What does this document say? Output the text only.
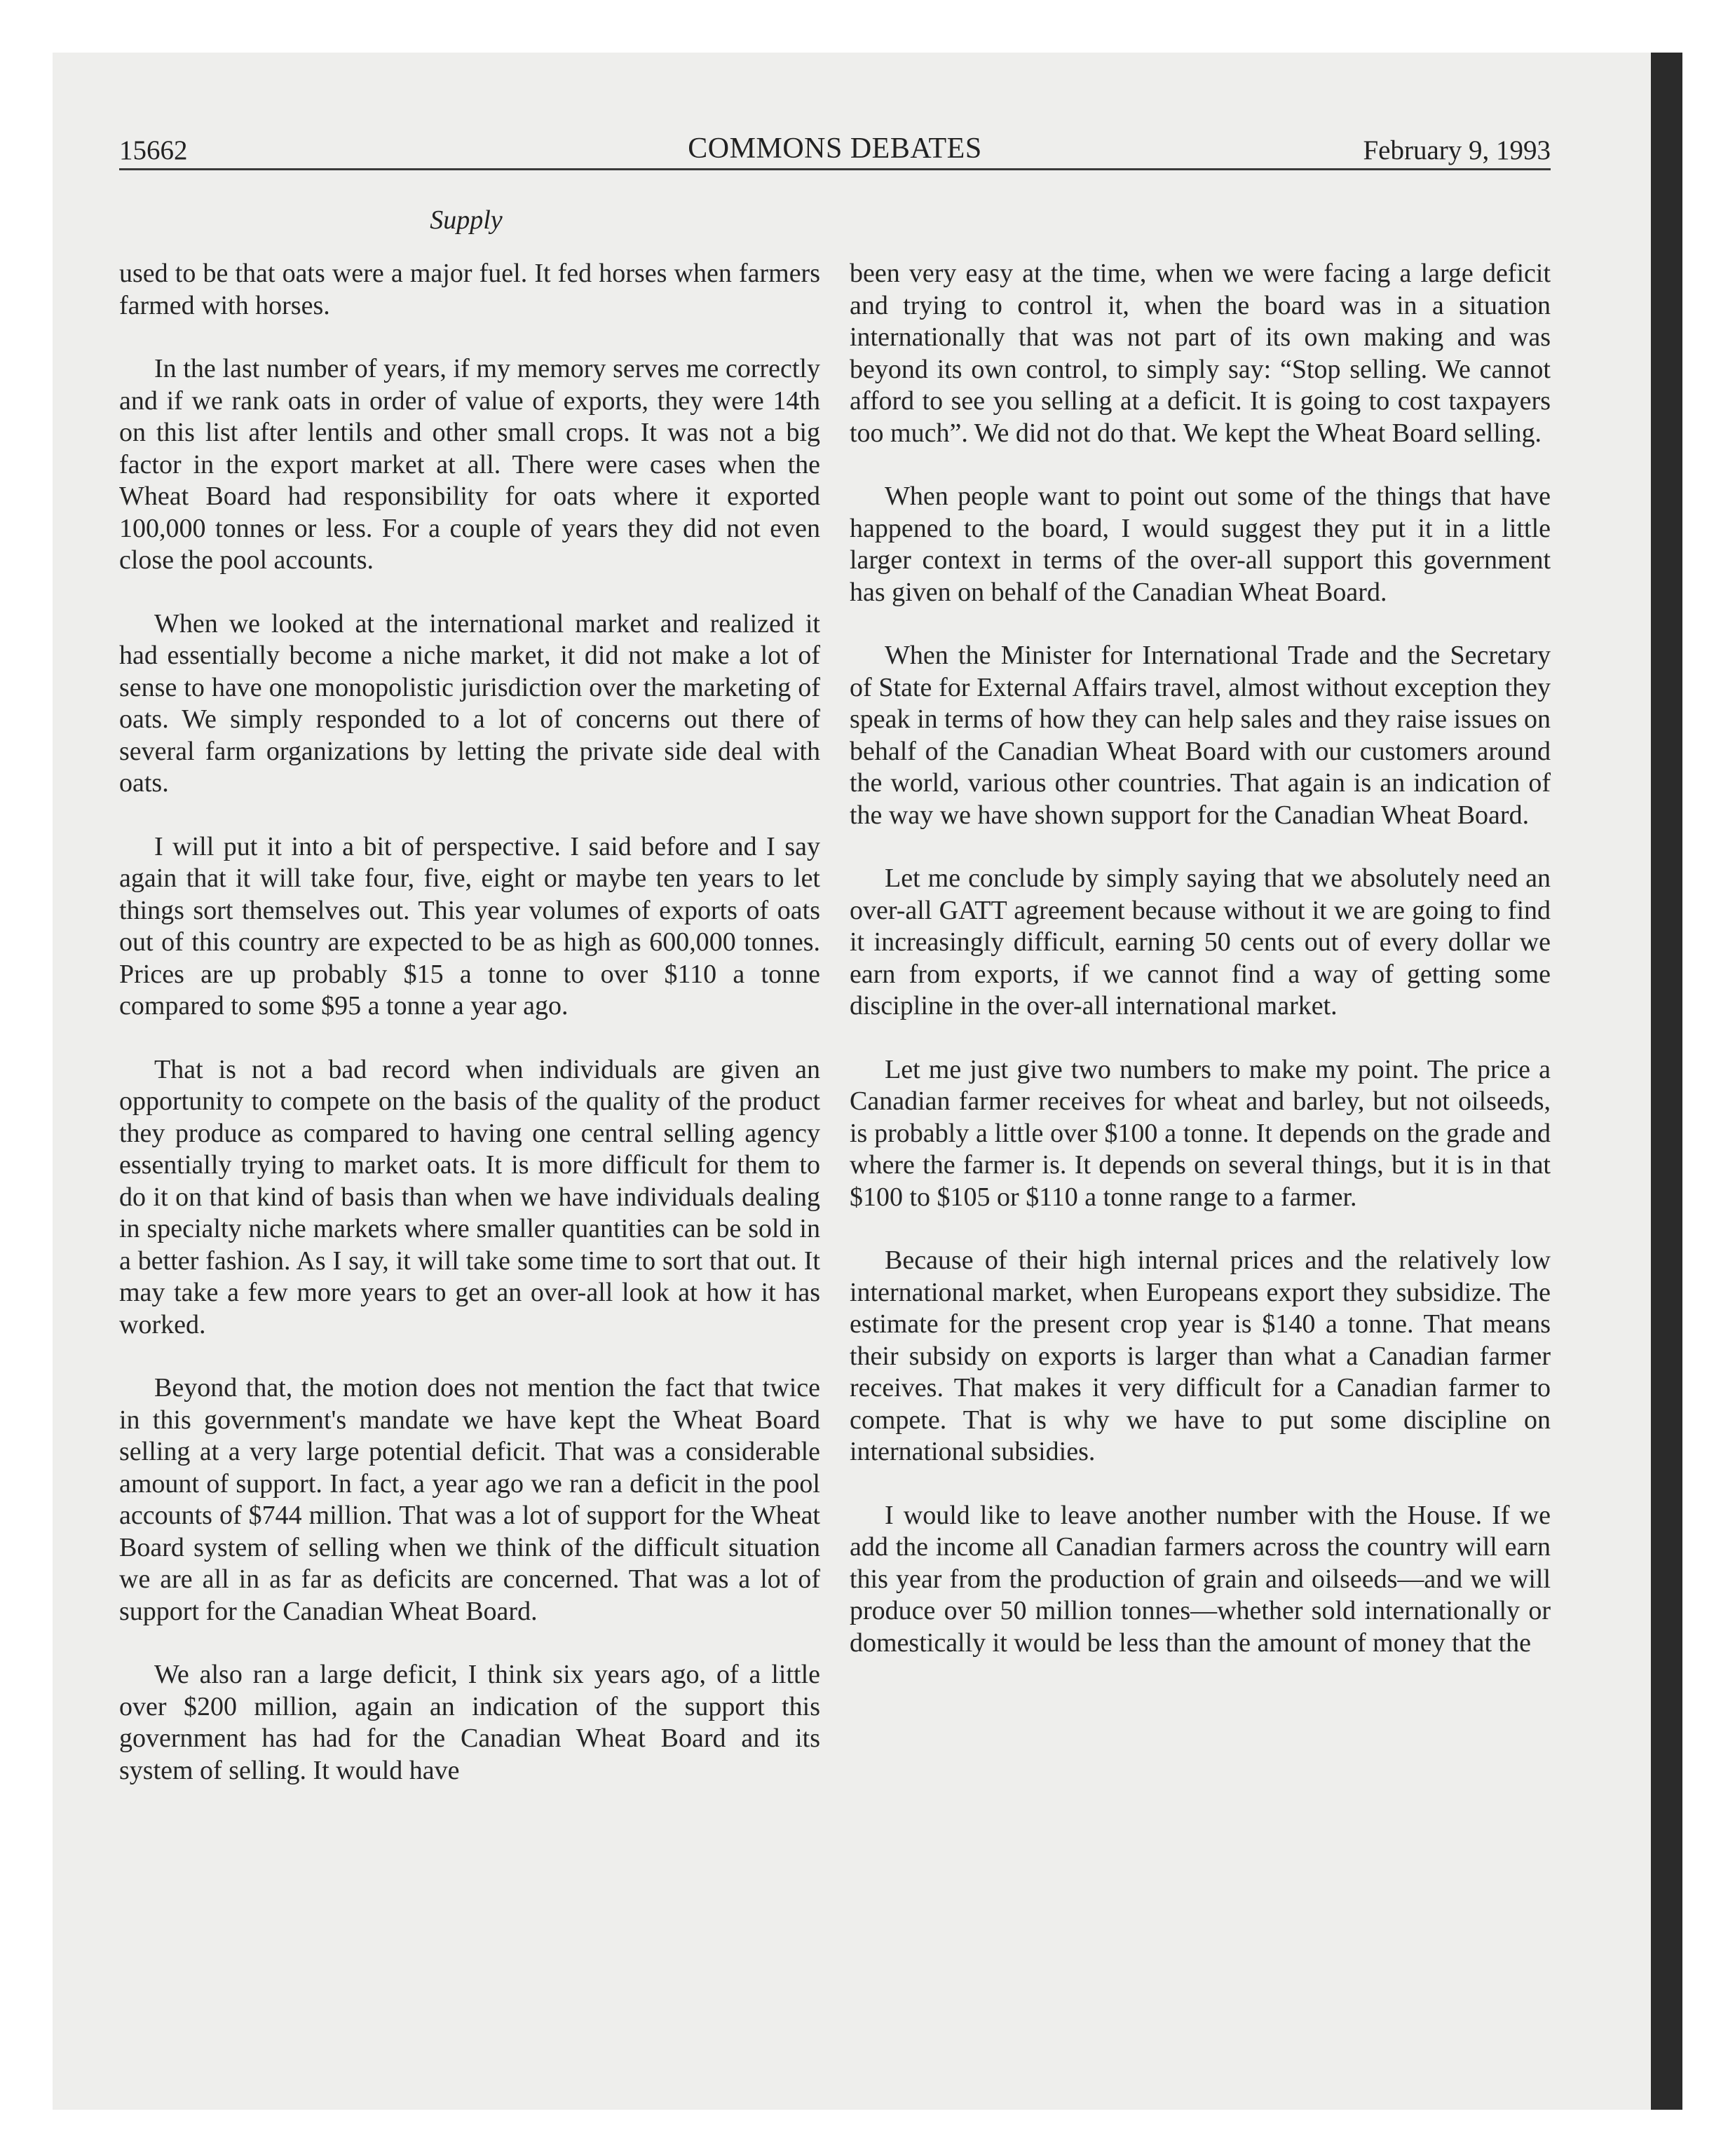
15662	COMMONS DEBATES	February 9, 1993
Supply

used to be that oats were a major fuel. It fed horses when farmers farmed with horses.

In the last number of years, if my memory serves me correctly and if we rank oats in order of value of exports, they were 14th on this list after lentils and other small crops. It was not a big factor in the export market at all. There were cases when the Wheat Board had responsibility for oats where it exported 100,000 tonnes or less. For a couple of years they did not even close the pool accounts.

When we looked at the international market and realized it had essentially become a niche market, it did not make a lot of sense to have one monopolistic jurisdiction over the marketing of oats. We simply responded to a lot of concerns out there of several farm organizations by letting the private side deal with oats.

I will put it into a bit of perspective. I said before and I say again that it will take four, five, eight or maybe ten years to let things sort themselves out. This year volumes of exports of oats out of this country are expected to be as high as 600,000 tonnes. Prices are up probably $15 a tonne to over $110 a tonne compared to some $95 a tonne a year ago.

That is not a bad record when individuals are given an opportunity to compete on the basis of the quality of the product they produce as compared to having one central selling agency essentially trying to market oats. It is more difficult for them to do it on that kind of basis than when we have individuals dealing in specialty niche markets where smaller quantities can be sold in a better fashion. As I say, it will take some time to sort that out. It may take a few more years to get an over-all look at how it has worked.

Beyond that, the motion does not mention the fact that twice in this government's mandate we have kept the Wheat Board selling at a very large potential deficit. That was a considerable amount of support. In fact, a year ago we ran a deficit in the pool accounts of $744 million. That was a lot of support for the Wheat Board system of selling when we think of the difficult situation we are all in as far as deficits are concerned. That was a lot of support for the Canadian Wheat Board.

We also ran a large deficit, I think six years ago, of a little over $200 million, again an indication of the support this government has had for the Canadian Wheat Board and its system of selling. It would have

been very easy at the time, when we were facing a large deficit and trying to control it, when the board was in a situation internationally that was not part of its own making and was beyond its own control, to simply say: “Stop selling. We cannot afford to see you selling at a deficit. It is going to cost taxpayers too much”. We did not do that. We kept the Wheat Board selling.

When people want to point out some of the things that have happened to the board, I would suggest they put it in a little larger context in terms of the over-all support this government has given on behalf of the Canadian Wheat Board.

When the Minister for International Trade and the Secretary of State for External Affairs travel, almost without exception they speak in terms of how they can help sales and they raise issues on behalf of the Canadian Wheat Board with our customers around the world, various other countries. That again is an indication of the way we have shown support for the Canadian Wheat Board.

Let me conclude by simply saying that we absolutely need an over-all GATT agreement because without it we are going to find it increasingly difficult, earning 50 cents out of every dollar we earn from exports, if we cannot find a way of getting some discipline in the over-all international market.

Let me just give two numbers to make my point. The price a Canadian farmer receives for wheat and barley, but not oilseeds, is probably a little over $100 a tonne. It depends on the grade and where the farmer is. It depends on several things, but it is in that $100 to $105 or $110 a tonne range to a farmer.

Because of their high internal prices and the relatively low international market, when Europeans export they subsidize. The estimate for the present crop year is $140 a tonne. That means their subsidy on exports is larger than what a Canadian farmer receives. That makes it very difficult for a Canadian farmer to compete. That is why we have to put some discipline on international subsidies.

I would like to leave another number with the House. If we add the income all Canadian farmers across the country will earn this year from the production of grain and oilseeds—and we will produce over 50 million tonnes—whether sold internationally or domestically it would be less than the amount of money that the
